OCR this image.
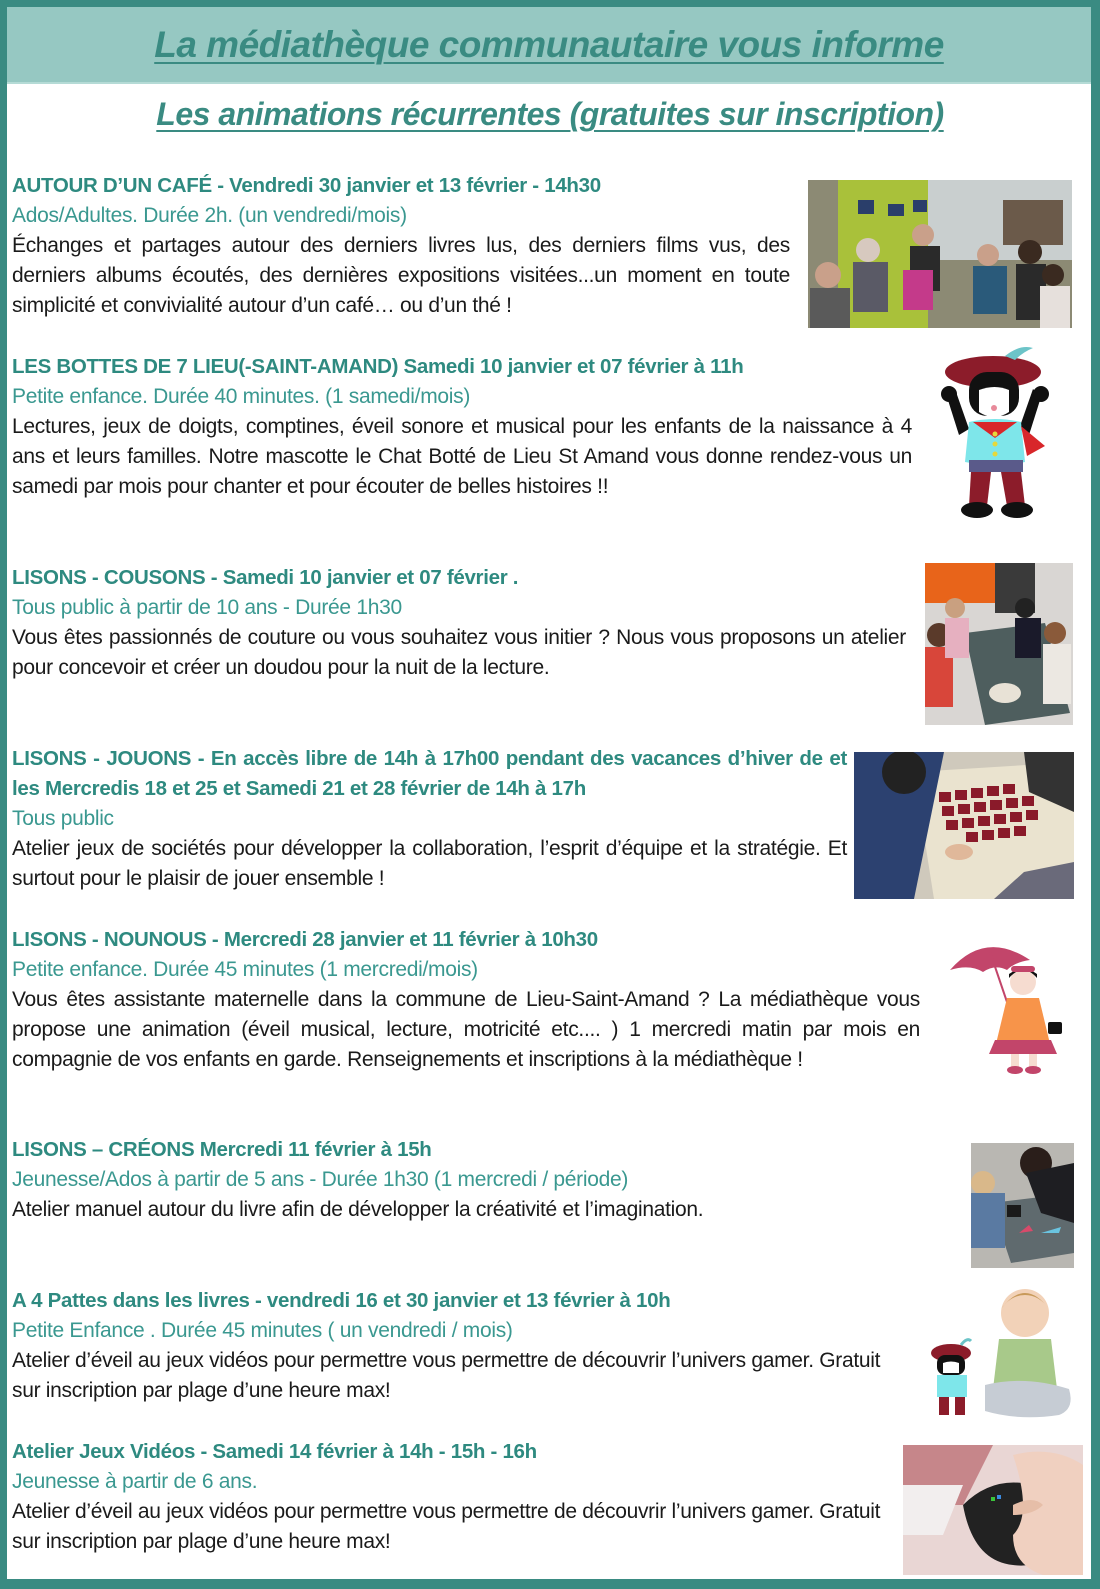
La médiathèque communautaire vous informe
Les animations récurrentes (gratuites sur inscription)
AUTOUR D’UN CAFÉ - Vendredi 30 janvier et 13 février - 14h30
Ados/Adultes. Durée 2h. (un vendredi/mois)
Échanges et partages autour des derniers livres lus, des derniers films vus, des derniers albums écoutés, des dernières expositions visitées...un moment en toute simplicité et convivialité autour d’un café… ou d’un thé !
LES BOTTES DE 7 LIEU(-SAINT-AMAND) Samedi 10 janvier et 07 février à 11h
Petite enfance. Durée 40 minutes. (1 samedi/mois)
Lectures, jeux de doigts, comptines, éveil sonore et musical pour les enfants de la naissance à 4 ans et leurs familles. Notre mascotte le Chat Botté de Lieu St Amand vous donne rendez-vous un samedi par mois pour chanter et pour écouter de belles histoires !!
LISONS - COUSONS - Samedi 10 janvier et 07 février .
Tous public à partir de 10 ans - Durée 1h30
Vous êtes passionnés de couture ou vous souhaitez vous initier ? Nous vous proposons un atelier pour concevoir et créer un doudou pour la nuit de la lecture.
LISONS - JOUONS - En accès libre de 14h à 17h00 pendant des vacances d’hiver de et les Mercredis 18 et 25 et Samedi 21 et 28 février de 14h à 17h
Tous public
Atelier jeux de sociétés pour développer la collaboration, l’esprit d’équipe et la stratégie. Et surtout pour le plaisir de jouer ensemble !
LISONS - NOUNOUS - Mercredi 28 janvier et 11 février à 10h30
Petite enfance. Durée 45 minutes (1 mercredi/mois)
Vous êtes assistante maternelle dans la commune de Lieu-Saint-Amand ? La médiathèque vous propose une animation (éveil musical, lecture, motricité etc.... ) 1 mercredi matin par mois en compagnie de vos enfants en garde. Renseignements et inscriptions à la médiathèque !
LISONS – CRÉONS Mercredi 11 février à 15h
Jeunesse/Ados à partir de 5 ans - Durée 1h30 (1 mercredi / période)
Atelier manuel autour du livre afin de développer la créativité et l’imagination.
A 4 Pattes dans les livres - vendredi 16 et 30 janvier et 13 février à 10h
Petite Enfance . Durée 45 minutes ( un vendredi / mois)
Atelier d’éveil au jeux vidéos pour permettre vous permettre de découvrir l’univers gamer. Gratuit sur inscription par plage d’une heure max!
Atelier Jeux Vidéos - Samedi 14 février à 14h - 15h - 16h
Jeunesse à partir de 6 ans.
Atelier d’éveil au jeux vidéos pour permettre vous permettre de découvrir l’univers gamer. Gratuit sur inscription par plage d’une heure max!
